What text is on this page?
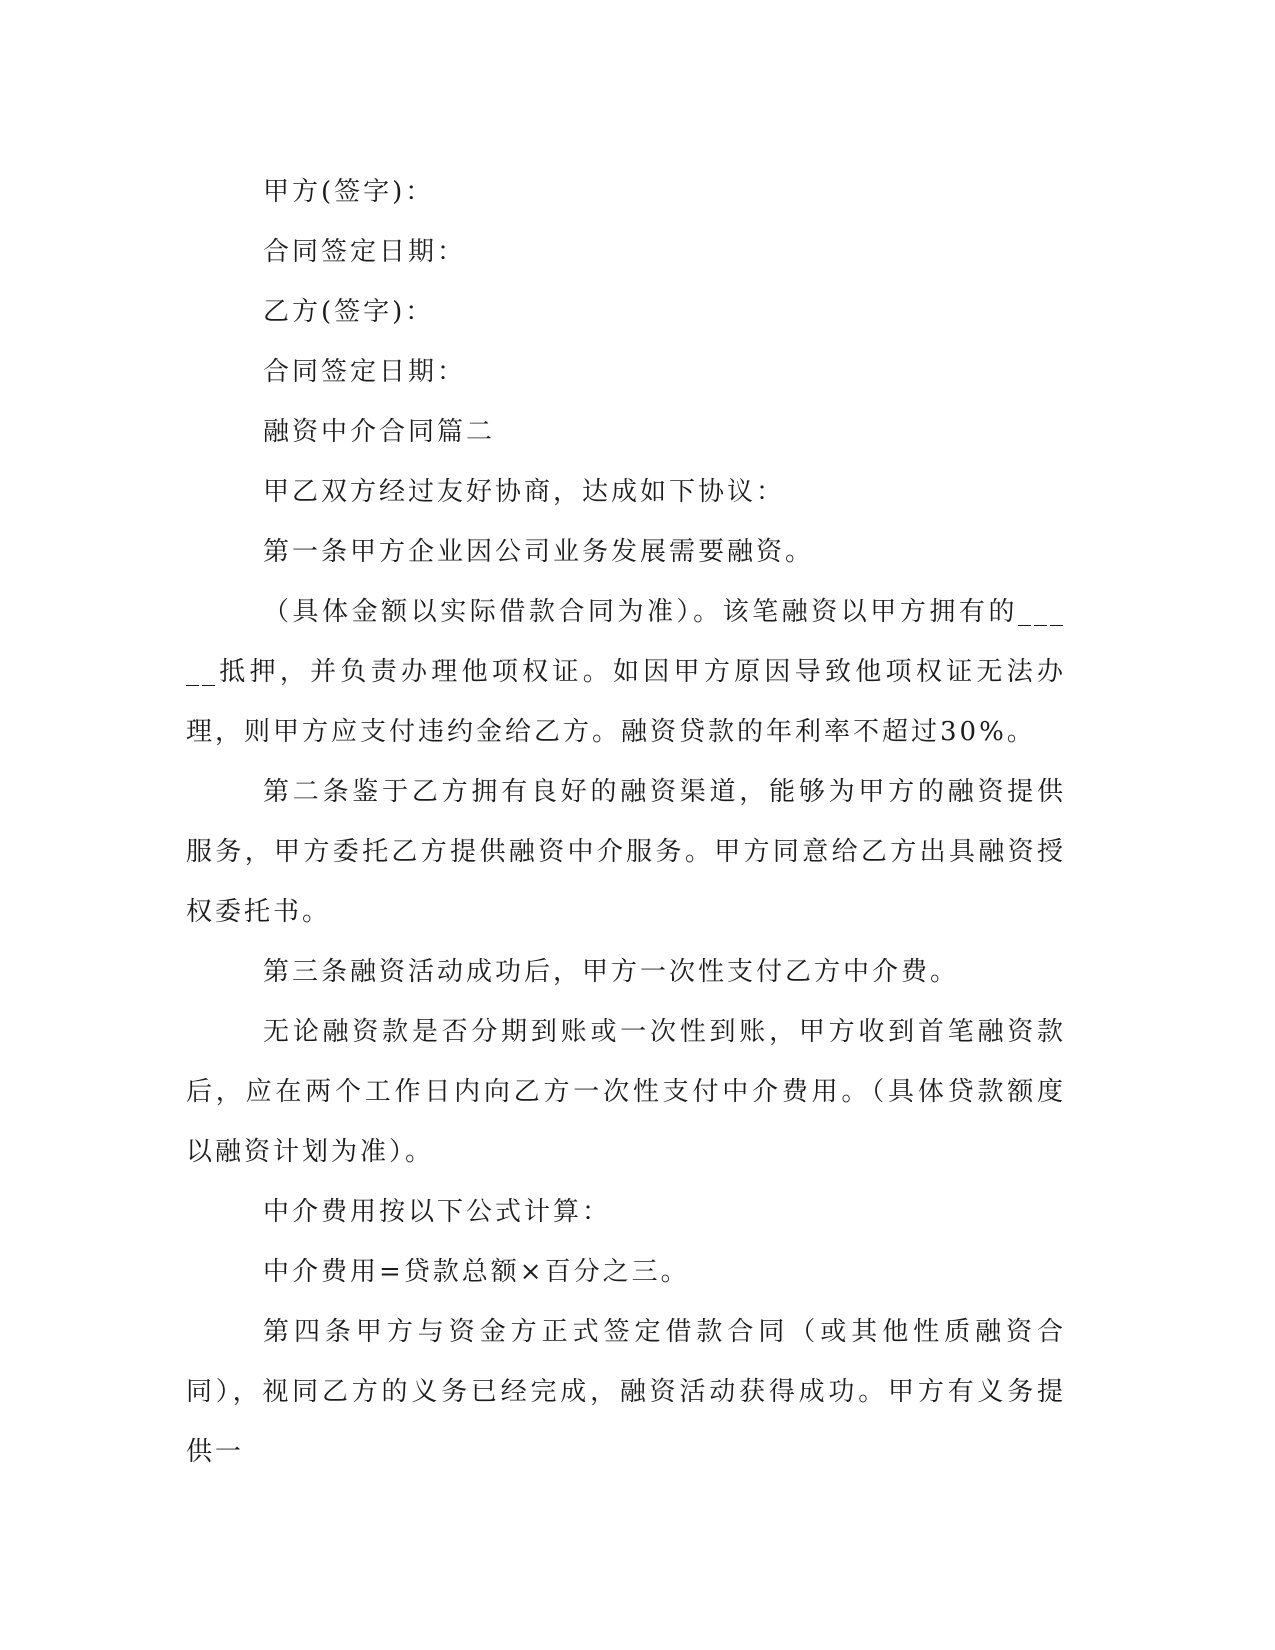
甲方(签字)：

合同签定日期：

乙方(签字)：

合同签定日期：

融资中介合同篇二

甲乙双方经过友好协商，达成如下协议：

第一条甲方企业因公司业务发展需要融资。

（具体金额以实际借款合同为准）。该笔融资以甲方拥有的_____抵押，并负责办理他项权证。如因甲方原因导致他项权证无法办理，则甲方应支付违约金给乙方。融资贷款的年利率不超过30%。

第二条鉴于乙方拥有良好的融资渠道，能够为甲方的融资提供服务，甲方委托乙方提供融资中介服务。甲方同意给乙方出具融资授权委托书。

第三条融资活动成功后，甲方一次性支付乙方中介费。

无论融资款是否分期到账或一次性到账，甲方收到首笔融资款后，应在两个工作日内向乙方一次性支付中介费用。（具体贷款额度以融资计划为准）。

中介费用按以下公式计算：

中介费用=贷款总额×百分之三。

第四条甲方与资金方正式签定借款合同（或其他性质融资合同），视同乙方的义务已经完成，融资活动获得成功。甲方有义务提供一
